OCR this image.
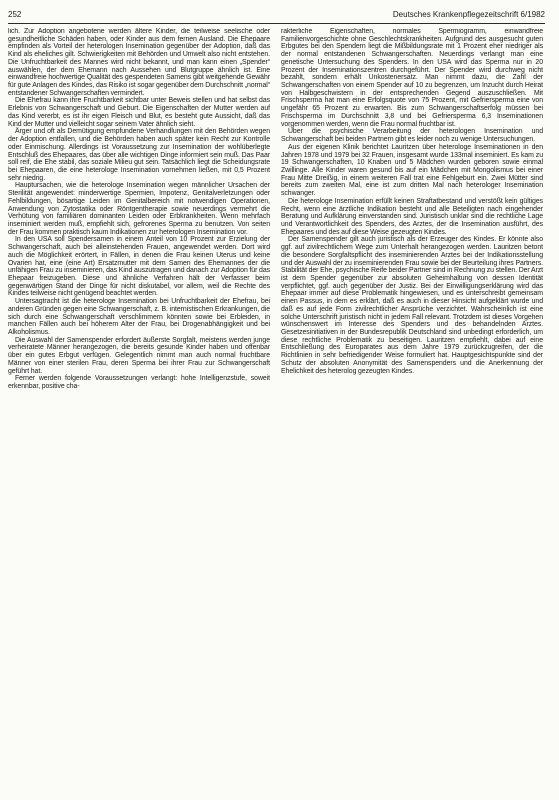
252	Deutsches Krankenpflegezeitschrift 6/1982

lich. Zur Adoption angebotene werden ältere Kinder, die teilweise seelische oder gesundheitliche Schäden haben, oder Kinder aus dem fernen Ausland. Die Ehepaare empfinden als Vorteil der heterologen Insemination gegenüber der Adoption, daß das Kind als eheliches gilt. Schwierigkeiten mit Behörden und Umwelt also nicht entstehen. Die Unfruchtbarkeit des Mannes wird nicht bekannt, und man kann einen „Spender“ auswählen, der dem Ehemann nach Aussehen und Blutgruppe ähnlich ist. Eine einwandfreie hochwertige Qualität des gespendeten Samens gibt weitgehende Gewähr für gute Anlagen des Kindes, das Risiko ist sogar gegenüber dem Durchschnitt „normal“ entstandener Schwangerschaften vermindert.

Die Ehefrau kann ihre Fruchtbarkeit sichtbar unter Beweis stellen und hat selbst das Erlebnis von Schwangerschaft und Geburt. Die Eigenschaften der Mutter werden auf das Kind vererbt, es ist ihr eigen Fleisch und Blut, es besteht gute Aussicht, daß das Kind der Mutter und vielleicht sogar seinem Vater ähnlich sieht.

Ärger und oft als Demütigung empfundene Verhandlungen mit den Behörden wegen der Adoption entfallen, und die Behörden haben auch später kein Recht zur Kontrolle oder Einmischung. Allerdings ist Voraussetzung zur Insemination der wohlüberlegte Entschluß des Ehepaares, das über alle wichtigen Dinge informiert sein muß. Das Paar soll reif, die Ehe stabil, das soziale Milieu gut sein. Tatsächlich liegt die Scheidungsrate bei Ehepaaren, die eine heterologe Insemination vornehmen ließen, mit 0,5 Prozent sehr niedrig.

Hauptursachen, wie die heterologe Insemination wegen männlicher Ursachen der Sterilität angewendet: minderwertige Spermien, Impotenz, Genitalverletzungen oder Fehlbildungen, bösartige Leiden im Genitalbereich mit notwendigen Operationen, Anwendung von Zytostatika oder Röntgentherapie sowie neuerdings vermehrt die Verhütung von familiären dominanten Leiden oder Erbkrankheiten. Wenn mehrfach inseminiert werden muß, empfiehlt sich, gefrorenes Sperma zu benutzen. Von seiten der Frau kommen praktisch kaum Indikationen zur heterologen Insemination vor.

In den USA soll Spendersamen in einem Anteil von 10 Prozent zur Erzielung der Schwangerschaft, auch bei alleinstehenden Frauen, angewendet werden. Dort wird auch die Möglichkeit erörtert, in Fällen, in denen die Frau keinen Uterus und keine Ovarien hat, eine (eine Art) Ersatzmutter mit dem Samen des Ehemannes der die unfähigen Frau zu inseminieren, das Kind auszutragen und danach zur Adoption für das Ehepaar freizugeben. Diese und ähnliche Verfahren hält der Verfasser beim gegenwärtigen Stand der Dinge für nicht diskutabel, vor allem, weil die Rechte des Kindes teilweise nicht genügend beachtet werden.

Untersagtracht ist die heterologe Insemination bei Unfruchtbarkeit der Ehefrau, bei anderen Gründen gegen eine Schwangerschaft, z. B. internistischen Erkrankungen, die sich durch eine Schwangerschaft verschlimmern könnten sowie bei Erbleiden, in manchen Fällen auch bei höherem Alter der Frau, bei Drogenabhängigkeit und bei Alkoholismus.

Die Auswahl der Samenspender erfordert äußerste Sorgfalt, meistens werden junge verheiratete Männer herangezogen, die bereits gesunde Kinder haben und offenbar über ein gutes Erbgut verfügen. Gelegentlich nimmt man auch normal fruchtbare Männer von einer sterilen Frau, deren Sperma bei ihrer Frau zur Schwangerschaft geführt hat.

Ferner werden folgende Voraussetzungen verlangt: hohe Intelligenzstufe, soweit erkennbar, positive cha-

rakterliche Eigenschaften, normales Spermiogramm, einwandfreie Familienvorgeschichte ohne Geschlechtskrankheiten. Aufgrund des ausgesucht guten Erbgutes bei den Spendern liegt die Mißbildungsrate mit 1 Prozent eher niedriger als der normal entstandenen Schwangerschaften. Neuerdings verlangt man eine genetische Untersuchung des Spenders. In den USA wird das Sperma nur in 20 Prozent der Inseminationszentren durchgeführt. Der Spender wird durchweg nicht bezahlt, sondern erhält Unkostenersatz. Man nimmt dazu, die Zahl der Schwangerschaften von einem Spender auf 10 zu begrenzen, um Inzucht durch Heirat von Halbgeschwistern in der entsprechenden Gegend auszuschließen. Mit Frischsperma hat man eine Erfolgsquote von 75 Prozent, mit Gefriersperma eine von ungefähr 65 Prozent zu erwarten. Bis zum Schwangerschaftserfolg müssen bei Frischsperma im Durchschnitt 3,8 und bei Gefriersperma 6,3 Inseminationen vorgenommen werden, wenn die Frau normal fruchtbar ist.

Über die psychische Verarbeitung der heterologen Insemination und Schwangerschaft bei beiden Partnern gibt es leider noch zu wenige Untersuchungen.

Aus der eigenen Klinik berichtet Lauritzen über heterologe Inseminationen in den Jahren 1978 und 1979 bei 32 Frauen, insgesamt wurde 133mal inseminiert. Es kam zu 19 Schwangerschaften, 10 Knaben und 5 Mädchen wurden geboren sowie einmal Zwillinge. Alle Kinder waren gesund bis auf ein Mädchen mit Mongolismus bei einer Frau Mitte Dreißig, in einem weiteren Fall trat eine Fehlgeburt ein. Zwei Mütter sind bereits zum zweiten Mal, eine ist zum dritten Mal nach heterologer Insemination schwanger.

Die heterologe Insemination erfüllt keinen Straftatbestand und verstößt kein gültiges Recht, wenn eine ärztliche Indikation besteht und alle Beteiligten nach eingehender Beratung und Aufklärung einverstanden sind. Juristisch unklar sind die rechtliche Lage und Verantwortlichkeit des Spenders, des Arztes, der die Insemination ausführt, des Ehepaares und des auf diese Weise gezeugten Kindes.

Der Samenspender gilt auch juristisch als der Erzeuger des Kindes. Er könnte also ggf. auf zivilrechtlichem Wege zum Unterhalt herangezogen werden. Lauritzen betont die besondere Sorgfaltspflicht des inseminierenden Arztes bei der Indikationsstellung und der Auswahl der zu inseminierenden Frau sowie bei der Beurteilung ihres Partners. Stabilität der Ehe, psychische Reife beider Partner sind in Rechnung zu stellen. Der Arzt ist dem Spender gegenüber zur absoluten Geheimhaltung von dessen Identität verpflichtet, ggf. auch gegenüber der Justiz. Bei der Einwilligungserklärung wird das Ehepaar immer auf diese Problematik hingewiesen, und es unterschreibt gemeinsam einen Passus, in dem es erklärt, daß es auch in dieser Hinsicht aufgeklärt wurde und daß es auf jede Form zivilrechtlicher Ansprüche verzichtet. Wahrscheinlich ist eine solche Unterschrift juristisch nicht in jedem Fall relevant. Trotzdem ist dieses Vorgehen wünschenswert im Interesse des Spenders und des behandelnden Arztes. Gesetzesinitiativen in der Bundesrepublik Deutschland sind unbedingt erforderlich, um diese rechtliche Problematik zu beseitigen. Lauritzen empfiehlt, dabei auf eine Entschließung des Europarates aus dem Jahre 1979 zurückzugreifen, der die Richtlinien in sehr befriedigender Weise formuliert hat. Hauptgesichtspunkte sind der Schutz der absoluten Anonymität des Samenspenders und die Anerkennung der Ehelichkeit des heterolog gezeugten Kindes.
